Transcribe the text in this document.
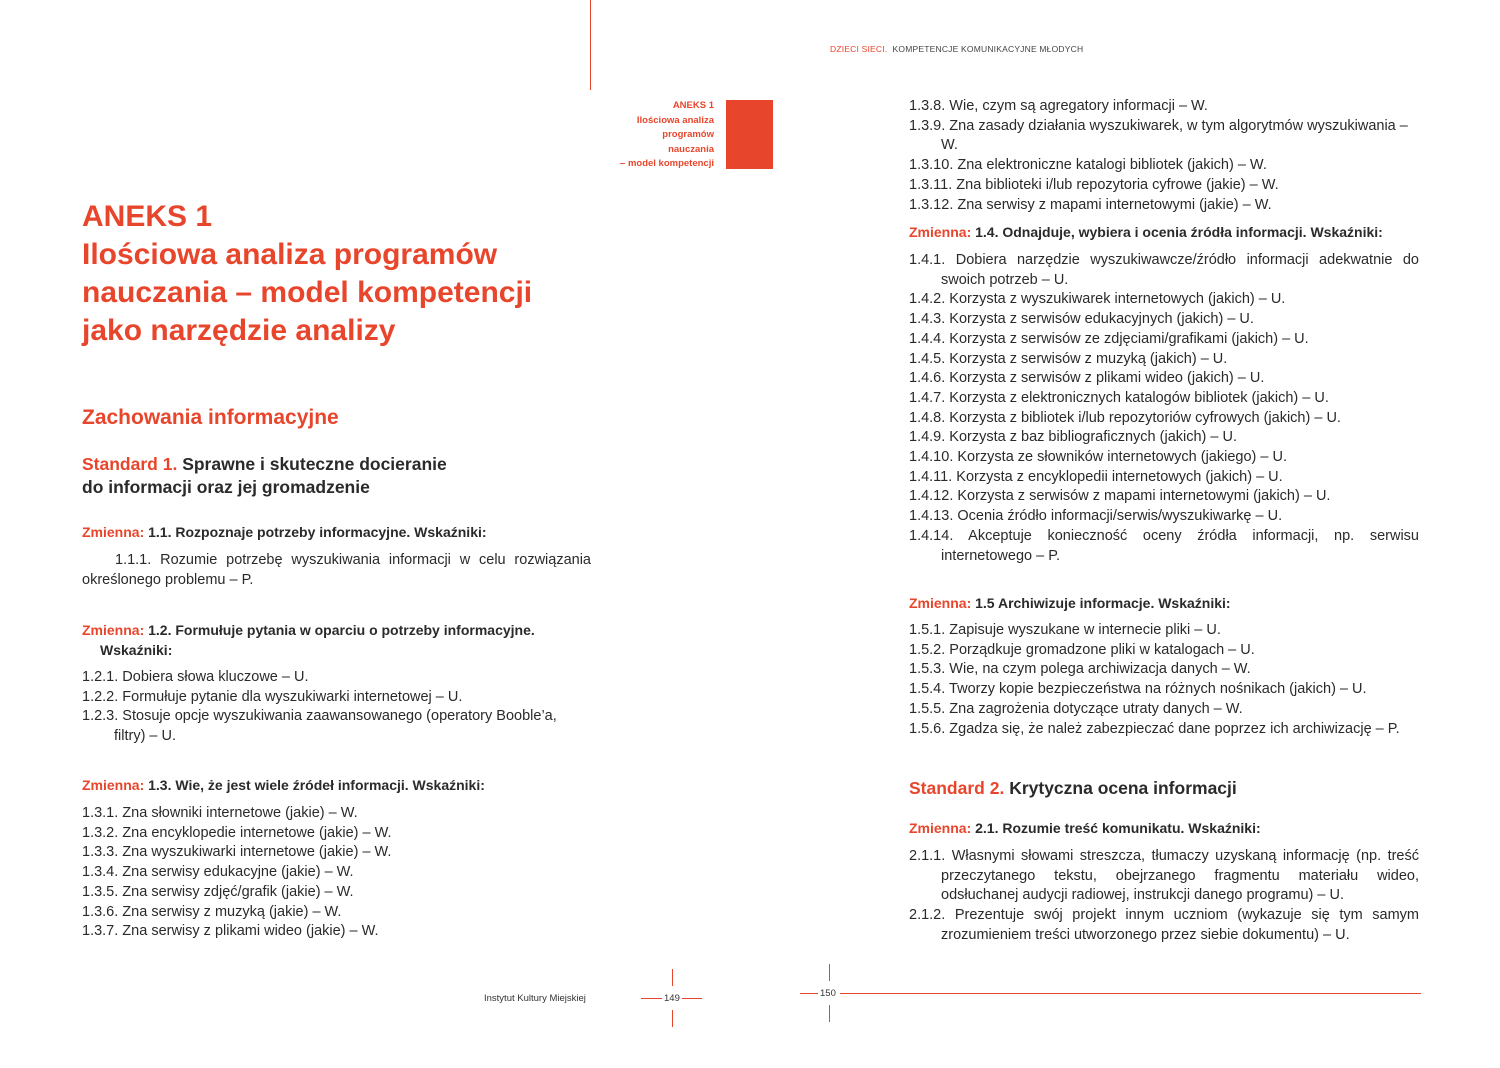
DZIECI SIECI. KOMPETENCJE KOMUNIKACYJNE MŁODYCH
ANEKS 1
Ilościowa analiza
programów
nauczania
– model kompetencji
ANEKS 1
Ilościowa analiza programów
nauczania – model kompetencji
jako narzędzie analizy
Zachowania informacyjne
Standard 1. Sprawne i skuteczne docieranie
do informacji oraz jej gromadzenie
Zmienna: 1.1. Rozpoznaje potrzeby informacyjne. Wskaźniki:
1.1.1. Rozumie potrzebę wyszukiwania informacji w celu rozwiązania określonego problemu – P.
Zmienna: 1.2. Formułuje pytania w oparciu o potrzeby informacyjne.
Wskaźniki:
1.2.1. Dobiera słowa kluczowe – U.
1.2.2. Formułuje pytanie dla wyszukiwarki internetowej – U.
1.2.3. Stosuje opcje wyszukiwania zaawansowanego (operatory Booble’a, filtry) – U.
Zmienna: 1.3. Wie, że jest wiele źródeł informacji. Wskaźniki:
1.3.1. Zna słowniki internetowe (jakie) – W.
1.3.2. Zna encyklopedie internetowe (jakie) – W.
1.3.3. Zna wyszukiwarki internetowe (jakie) – W.
1.3.4. Zna serwisy edukacyjne (jakie) – W.
1.3.5. Zna serwisy zdjęć/grafik (jakie) – W.
1.3.6. Zna serwisy z muzyką (jakie) – W.
1.3.7. Zna serwisy z plikami wideo (jakie) – W.
1.3.8. Wie, czym są agregatory informacji – W.
1.3.9. Zna zasady działania wyszukiwarek, w tym algorytmów wyszukiwania – W.
1.3.10. Zna elektroniczne katalogi bibliotek (jakich) – W.
1.3.11. Zna biblioteki i/lub repozytoria cyfrowe (jakie) – W.
1.3.12. Zna serwisy z mapami internetowymi (jakie) – W.
Zmienna: 1.4. Odnajduje, wybiera i ocenia źródła informacji. Wskaźniki:
1.4.1. Dobiera narzędzie wyszukiwawcze/źródło informacji adekwatnie do swoich potrzeb – U.
1.4.2. Korzysta z wyszukiwarek internetowych (jakich) – U.
1.4.3. Korzysta z serwisów edukacyjnych (jakich) – U.
1.4.4. Korzysta z serwisów ze zdjęciami/grafikami (jakich) – U.
1.4.5. Korzysta z serwisów z muzyką (jakich) – U.
1.4.6. Korzysta z serwisów z plikami wideo (jakich) – U.
1.4.7. Korzysta z elektronicznych katalogów bibliotek (jakich) – U.
1.4.8. Korzysta z bibliotek i/lub repozytoriów cyfrowych (jakich) – U.
1.4.9. Korzysta z baz bibliograficznych (jakich) – U.
1.4.10. Korzysta ze słowników internetowych (jakiego) – U.
1.4.11. Korzysta z encyklopedii internetowych (jakich) – U.
1.4.12. Korzysta z serwisów z mapami internetowymi (jakich) – U.
1.4.13. Ocenia źródło informacji/serwis/wyszukiwarkę – U.
1.4.14. Akceptuje konieczność oceny źródła informacji, np. serwisu internetowego – P.
Zmienna: 1.5 Archiwizuje informacje. Wskaźniki:
1.5.1. Zapisuje wyszukane w internecie pliki – U.
1.5.2. Porządkuje gromadzone pliki w katalogach – U.
1.5.3. Wie, na czym polega archiwizacja danych – W.
1.5.4. Tworzy kopie bezpieczeństwa na różnych nośnikach (jakich) – U.
1.5.5. Zna zagrożenia dotyczące utraty danych – W.
1.5.6. Zgadza się, że należ zabezpieczać dane poprzez ich archiwizację – P.
Standard 2. Krytyczna ocena informacji
Zmienna: 2.1. Rozumie treść komunikatu. Wskaźniki:
2.1.1. Własnymi słowami streszcza, tłumaczy uzyskaną informację (np. treść przeczytanego tekstu, obejrzanego fragmentu materiału wideo, odsłuchanej audycji radiowej, instrukcji danego programu) – U.
2.1.2. Prezentuje swój projekt innym uczniom (wykazuje się tym samym zrozumieniem treści utworzonego przez siebie dokumentu) – U.
Instytut Kultury Miejskiej	149	150
